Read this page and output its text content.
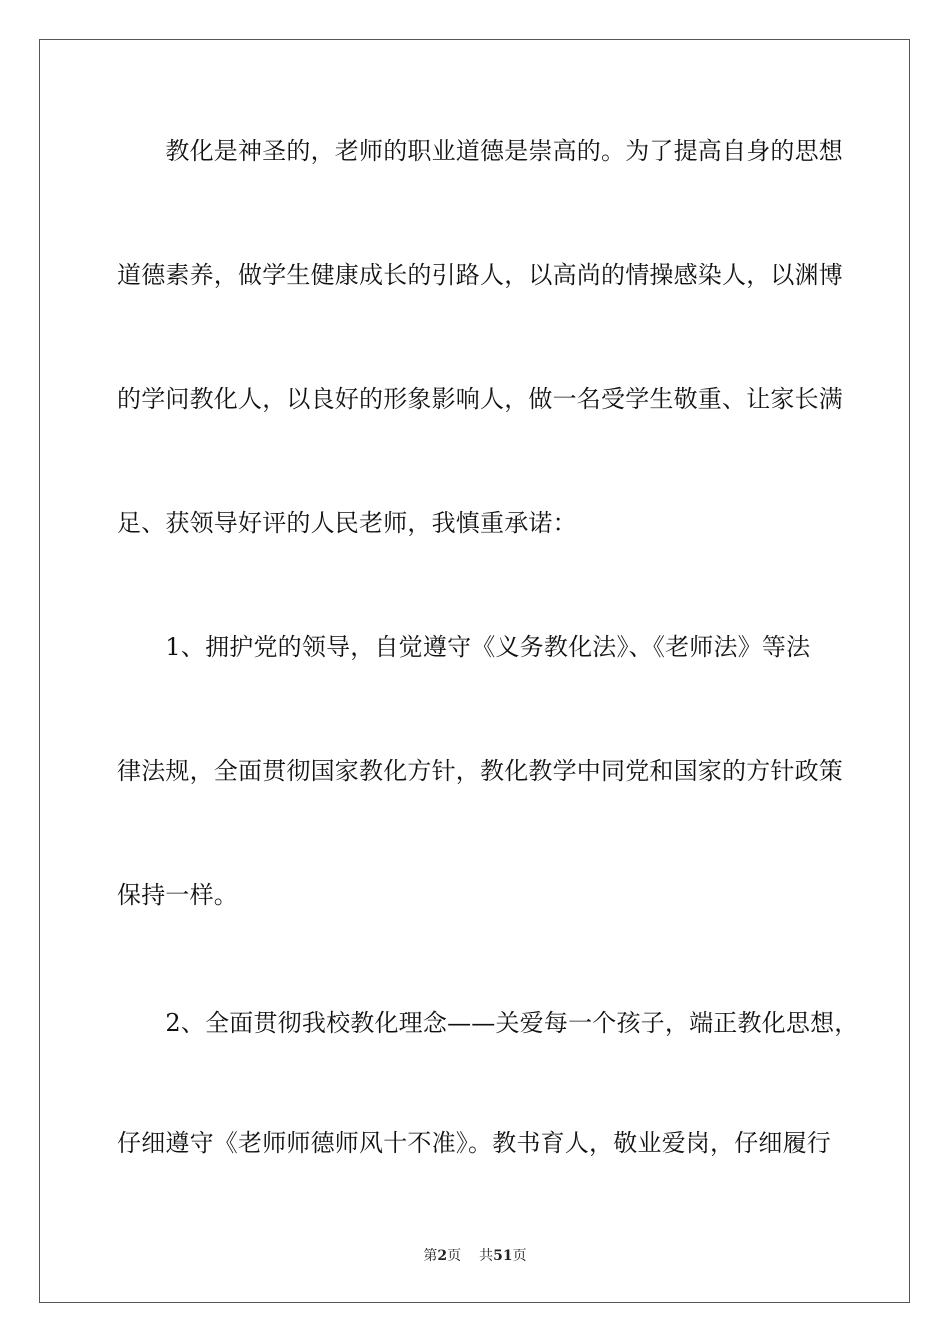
　　教化是神圣的，老师的职业道德是崇高的。为了提高自身的思想
道德素养，做学生健康成长的引路人，以高尚的情操感染人，以渊博
的学问教化人，以良好的形象影响人，做一名受学生敬重、让家长满
足、获领导好评的人民老师，我慎重承诺：
　　1、拥护党的领导，自觉遵守《义务教化法》、《老师法》等法
律法规，全面贯彻国家教化方针，教化教学中同党和国家的方针政策
保持一样。
　　2、全面贯彻我校教化理念——关爱每一个孩子，端正教化思想，
仔细遵守《老师师德师风十不准》。教书育人，敬业爱岗，仔细履行
第2页 共51页
